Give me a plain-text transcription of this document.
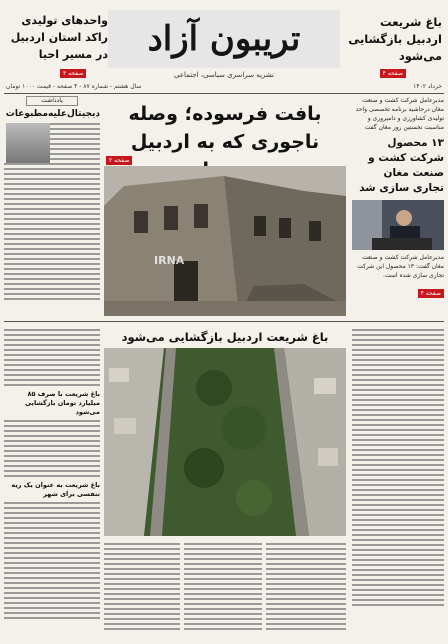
باغ شریعت اردبیل بازگشایی می‌شود
واحدهای تولیدی راکد استان اردبیل در مسیر احیا
صفحه ۴
صفحه ۳
تریبون آزاد
نشریه سراسری سیاسی، اجتماعی
خرداد ۱۴۰۲
سال هشتم - شماره ۸۷ - ۴ صفحه - قیمت ۱۰۰۰ تومان
یادداشت
دیجیتال‌علیه‌مطبوعات	بافت فرسوده؛ وصله ناجوری که به اردبیل
صفحه ۲
IRNA
مدیرعامل شرکت کشت و صنعت مغان درحاشیه برنامه تخصصی واحد تولیدی کشاورزی و دامپروری و مناسبت نخستین روز مغان گفت
۱۳ محصول شرکت کشت و صنعت مغان تجاری سازی شد
مدیرعامل شرکت کشت و صنعت مغان گفت: ۱۳ محصول این شرکت تجاری سازی شده است.
صفحه ۴
باغ شریعت اردبیل بازگشایی می‌شود
باغ شریعت با صرف ۸۵ میلیارد تومان بازگشایی می‌شود
باغ شریعت به عنوان یک ریه تنفسی برای شهر
